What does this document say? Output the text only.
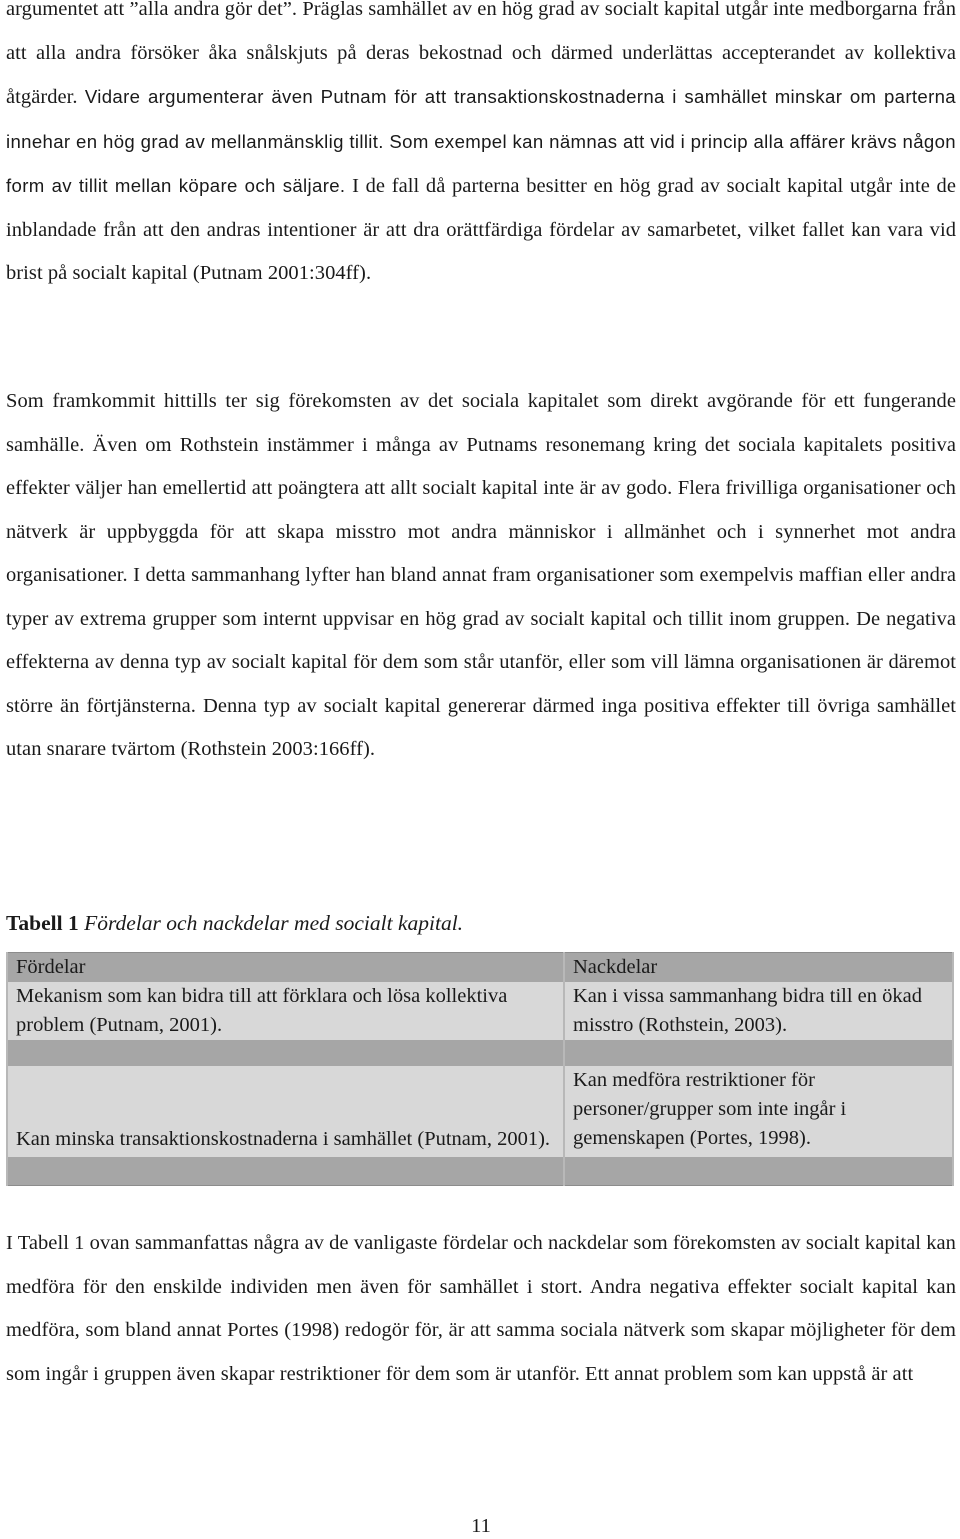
argumentet att ”alla andra gör det”. Präglas samhället av en hög grad av socialt kapital utgår inte medborgarna från att alla andra försöker åka snålskjuts på deras bekostnad och därmed underlättas accepterandet av kollektiva åtgärder. Vidare argumenterar även Putnam för att transaktionskostnaderna i samhället minskar om parterna innehar en hög grad av mellanmänsklig tillit. Som exempel kan nämnas att vid i princip alla affärer krävs någon form av tillit mellan köpare och säljare. I de fall då parterna besitter en hög grad av socialt kapital utgår inte de inblandade från att den andras intentioner är att dra orättfärdiga fördelar av samarbetet, vilket fallet kan vara vid brist på socialt kapital (Putnam 2001:304ff).

Som framkommit hittills ter sig förekomsten av det sociala kapitalet som direkt avgörande för ett fungerande samhälle. Även om Rothstein instämmer i många av Putnams resonemang kring det sociala kapitalets positiva effekter väljer han emellertid att poängtera att allt socialt kapital inte är av godo. Flera frivilliga organisationer och nätverk är uppbyggda för att skapa misstro mot andra människor i allmänhet och i synnerhet mot andra organisationer. I detta sammanhang lyfter han bland annat fram organisationer som exempelvis maffian eller andra typer av extrema grupper som internt uppvisar en hög grad av socialt kapital och tillit inom gruppen. De negativa effekterna av denna typ av socialt kapital för dem som står utanför, eller som vill lämna organisationen är däremot större än förtjänsterna. Denna typ av socialt kapital genererar därmed inga positiva effekter till övriga samhället utan snarare tvärtom (Rothstein 2003:166ff).

Tabell 1 Fördelar och nackdelar med socialt kapital.
Fördelar	Nackdelar
Mekanism som kan bidra till att förklara och lösa kollektiva problem (Putnam, 2001).	Kan i vissa sammanhang bidra till en ökad misstro (Rothstein, 2003).

Kan minska transaktionskostnaderna i samhället (Putnam, 2001).	Kan medföra restriktioner för personer/grupper som inte ingår i gemenskapen (Portes, 1998).

I Tabell 1 ovan sammanfattas några av de vanligaste fördelar och nackdelar som förekomsten av socialt kapital kan medföra för den enskilde individen men även för samhället i stort. Andra negativa effekter socialt kapital kan medföra, som bland annat Portes (1998) redogör för, är att samma sociala nätverk som skapar möjligheter för dem som ingår i gruppen även skapar restriktioner för dem som är utanför. Ett annat problem som kan uppstå är att

11
